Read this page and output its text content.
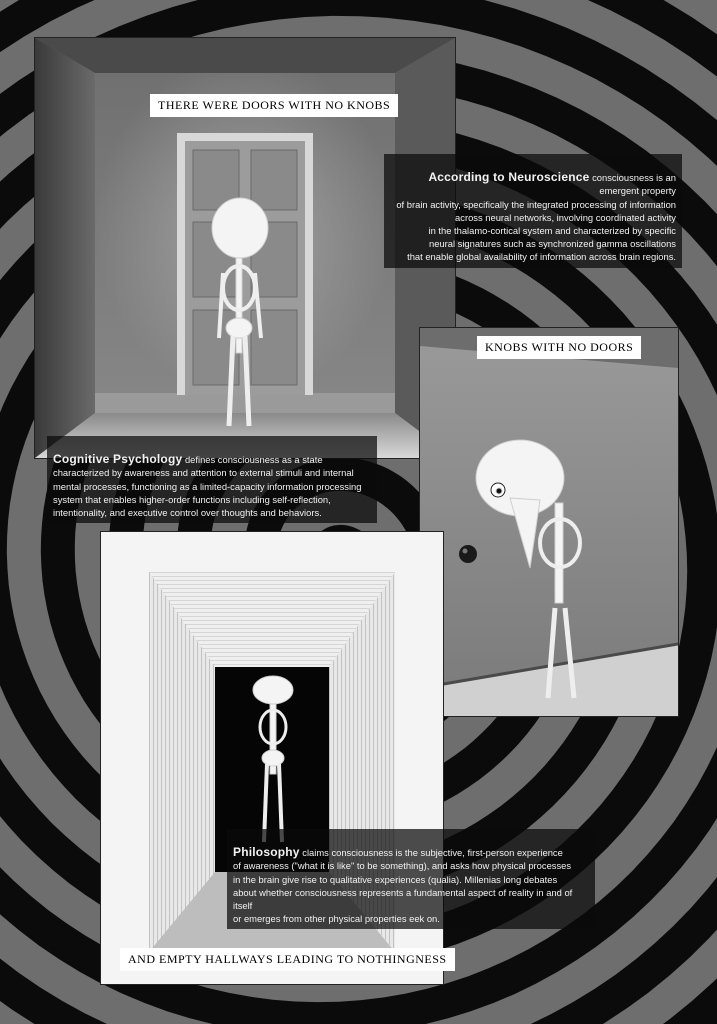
THERE WERE DOORS WITH NO KNOBS
KNOBS WITH NO DOORS
AND EMPTY HALLWAYS LEADING TO NOTHINGNESS

According to Neuroscience consciousness is an emergent property
of brain activity, specifically the integrated processing of information
across neural networks, involving coordinated activity
in the thalamo-cortical system and characterized by specific
neural signatures such as synchronized gamma oscillations
that enable global availability of information across brain regions.

Cognitive Psychology defines consciousness as a state
characterized by awareness and attention to external stimuli and internal
mental processes, functioning as a limited-capacity information processing
system that enables higher-order functions including self-reflection,
intentionality, and executive control over thoughts and behaviors.

Philosophy claims consciousness is the subjective, first-person experience
of awareness ("what it is like" to be something), and asks how physical processes
in the brain give rise to qualitative experiences (qualia). Millenias long debates
about whether consciousness represents a fundamental aspect of reality in and of itself
or emerges from other physical properties eek on.
